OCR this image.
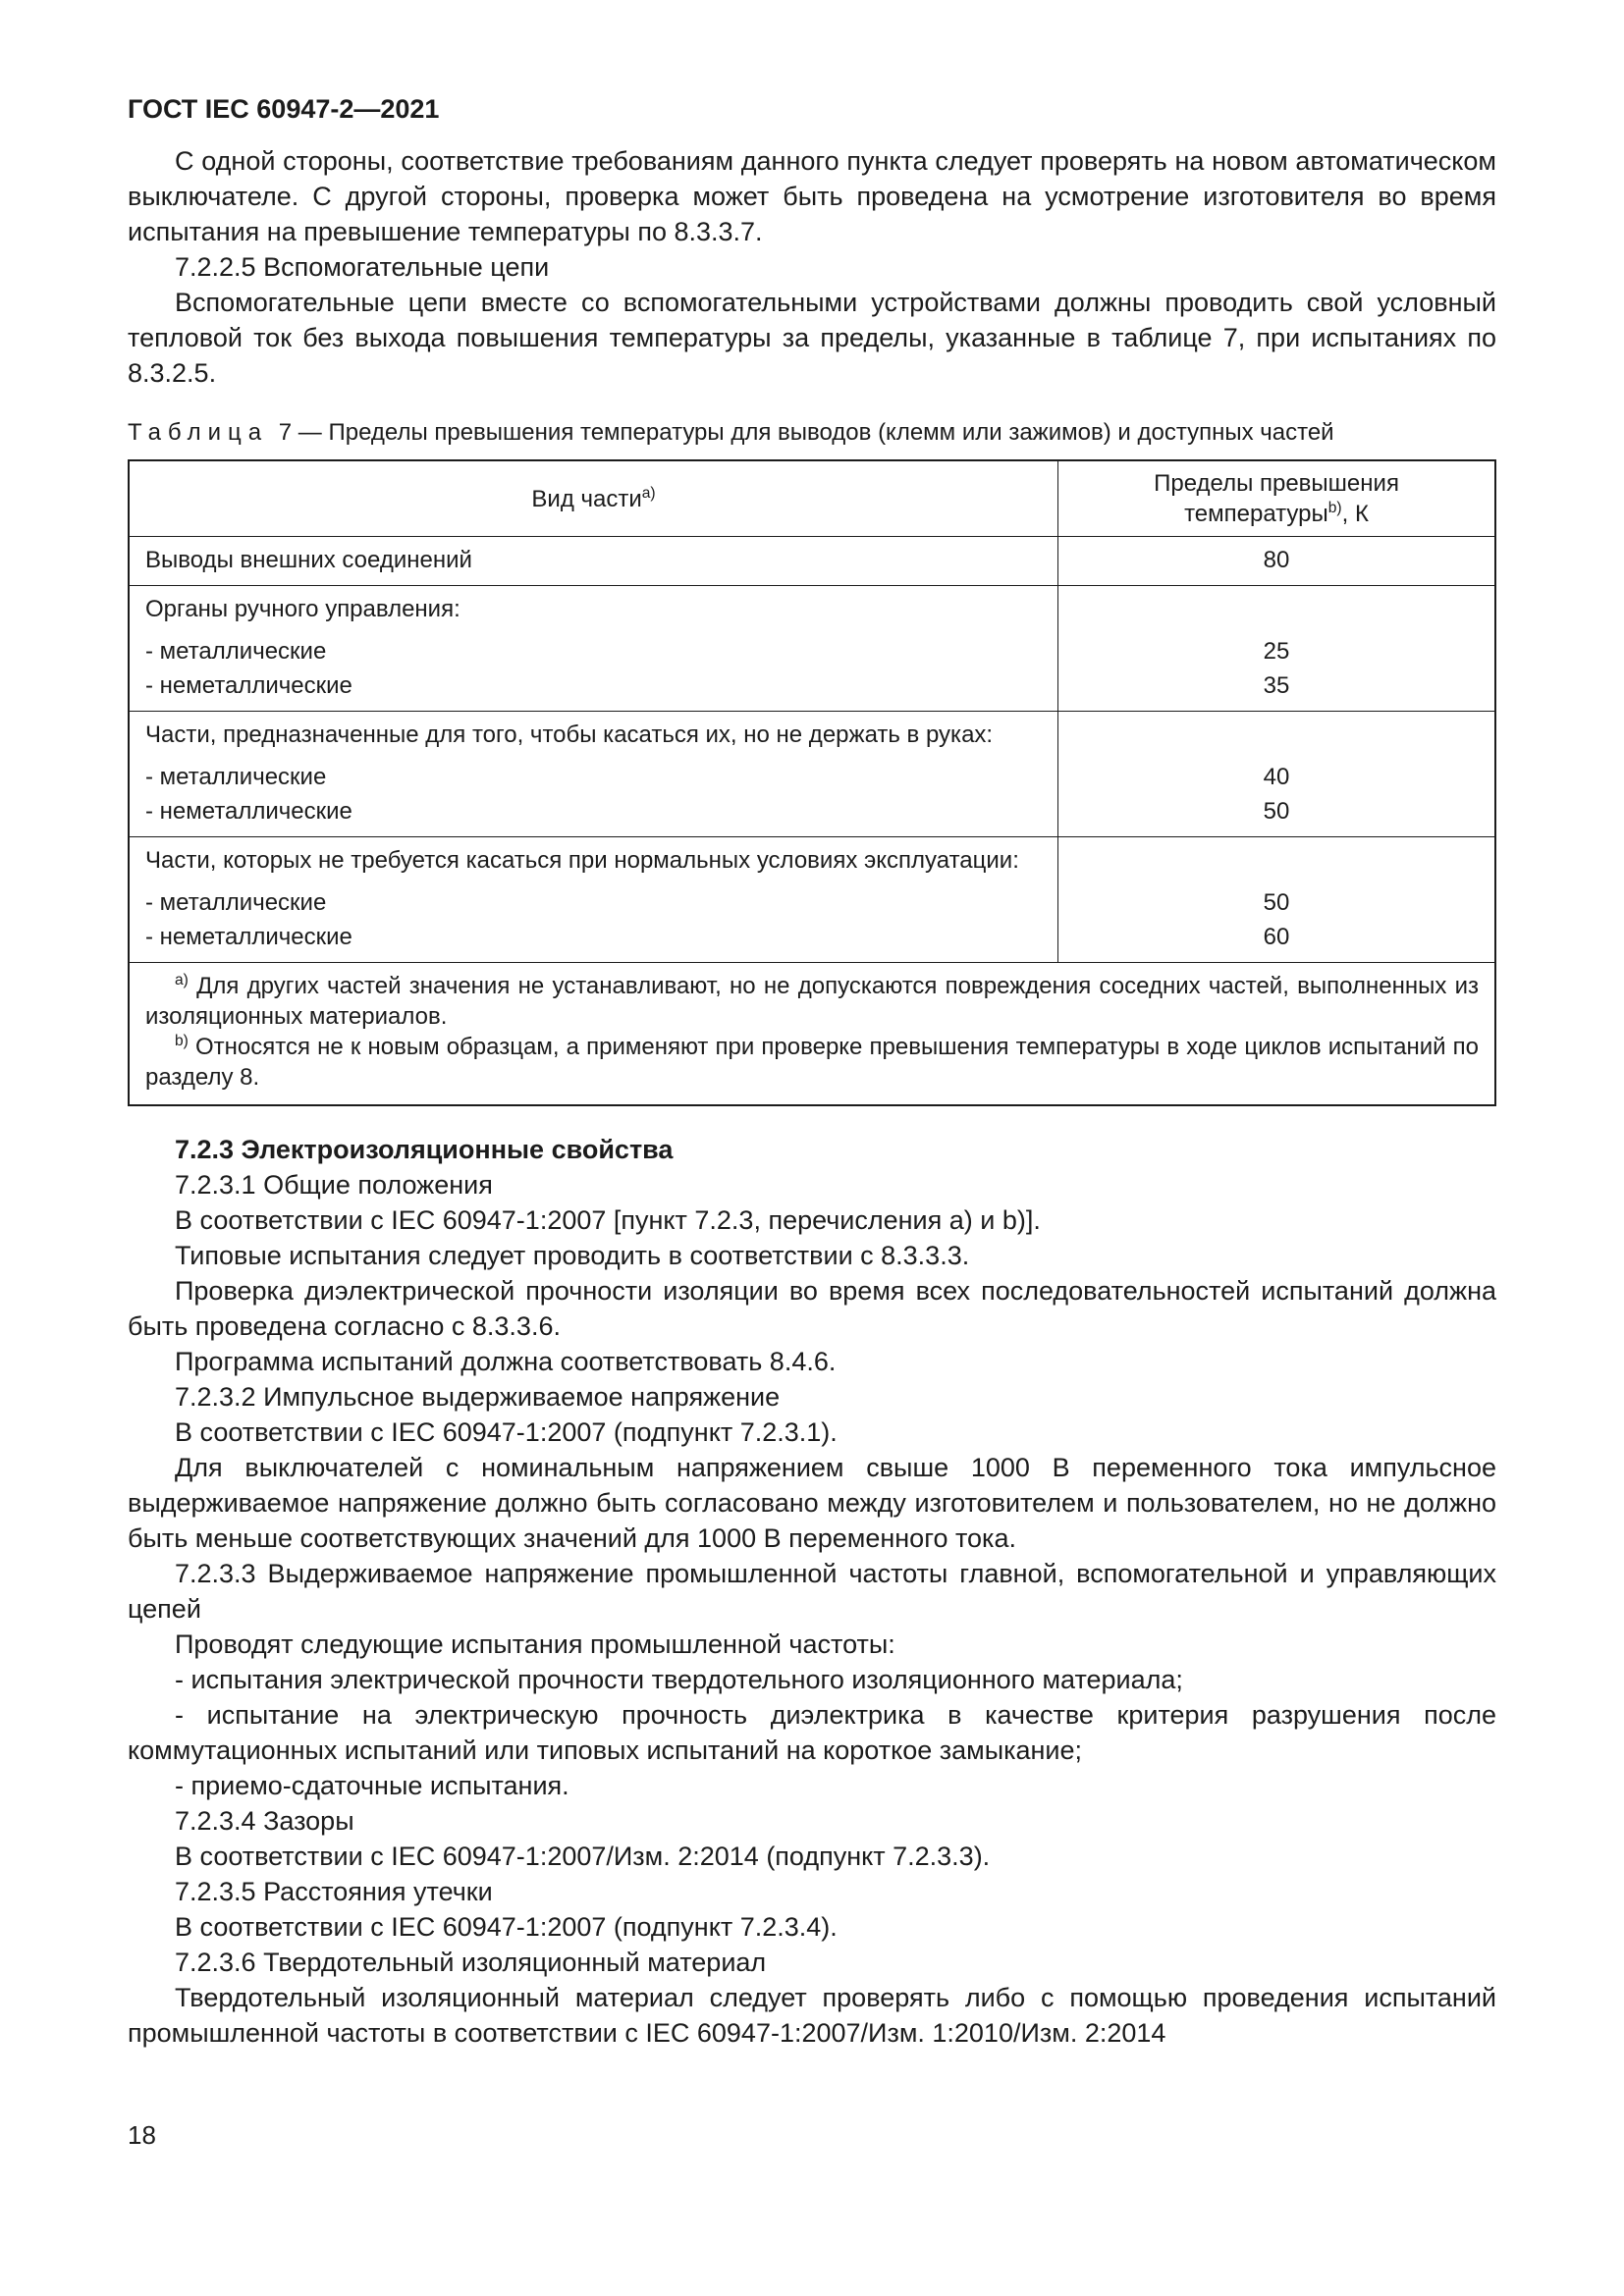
ГОСТ IEC 60947-2—2021

С одной стороны, соответствие требованиям данного пункта следует проверять на новом автоматическом выключателе. С другой стороны, проверка может быть проведена на усмотрение изготовителя во время испытания на превышение температуры по 8.3.3.7.

7.2.2.5 Вспомогательные цепи

Вспомогательные цепи вместе со вспомогательными устройствами должны проводить свой условный тепловой ток без выхода повышения температуры за пределы, указанные в таблице 7, при испытаниях по 8.3.2.5.

Таблица 7 — Пределы превышения температуры для выводов (клемм или зажимов) и доступных частей

Вид части$^{a)}$	Пределы превышения
температуры$^{b)}$, К
Выводы внешних соединений	80
Органы ручного управления:	
- металлические	25
- неметаллические	35
Части, предназначенные для того, чтобы касаться их, но не держать в руках:	
- металлические	40
- неметаллические	50
Части, которых не требуется касаться при нормальных условиях эксплуатации:	
- металлические	50
- неметаллические	60

$^{a)}$ Для других частей значения не устанавливают, но не допускаются повреждения соседних частей, выполненных из изоляционных материалов.

$^{b)}$ Относятся не к новым образцам, а применяют при проверке превышения температуры в ходе циклов испытаний по разделу 8.	

7.2.3 Электроизоляционные свойства

7.2.3.1 Общие положения

В соответствии с IEC 60947-1:2007 [пункт 7.2.3, перечисления a) и b)].

Типовые испытания следует проводить в соответствии с 8.3.3.3.

Проверка диэлектрической прочности изоляции во время всех последовательностей испытаний должна быть проведена согласно с 8.3.3.6.

Программа испытаний должна соответствовать 8.4.6.

7.2.3.2 Импульсное выдерживаемое напряжение

В соответствии с IEC 60947-1:2007 (подпункт 7.2.3.1).

Для выключателей с номинальным напряжением свыше 1000 В переменного тока импульсное выдерживаемое напряжение должно быть согласовано между изготовителем и пользователем, но не должно быть меньше соответствующих значений для 1000 В переменного тока.

7.2.3.3 Выдерживаемое напряжение промышленной частоты главной, вспомогательной и управляющих цепей

Проводят следующие испытания промышленной частоты:

- испытания электрической прочности твердотельного изоляционного материала;

- испытание на электрическую прочность диэлектрика в качестве критерия разрушения после коммутационных испытаний или типовых испытаний на короткое замыкание;

- приемо-сдаточные испытания.

7.2.3.4 Зазоры

В соответствии с IEC 60947-1:2007/Изм. 2:2014 (подпункт 7.2.3.3).

7.2.3.5 Расстояния утечки

В соответствии с IEC 60947-1:2007 (подпункт 7.2.3.4).

7.2.3.6 Твердотельный изоляционный материал

Твердотельный изоляционный материал следует проверять либо с помощью проведения испытаний промышленной частоты в соответствии с IEC 60947-1:2007/Изм. 1:2010/Изм. 2:2014

18
